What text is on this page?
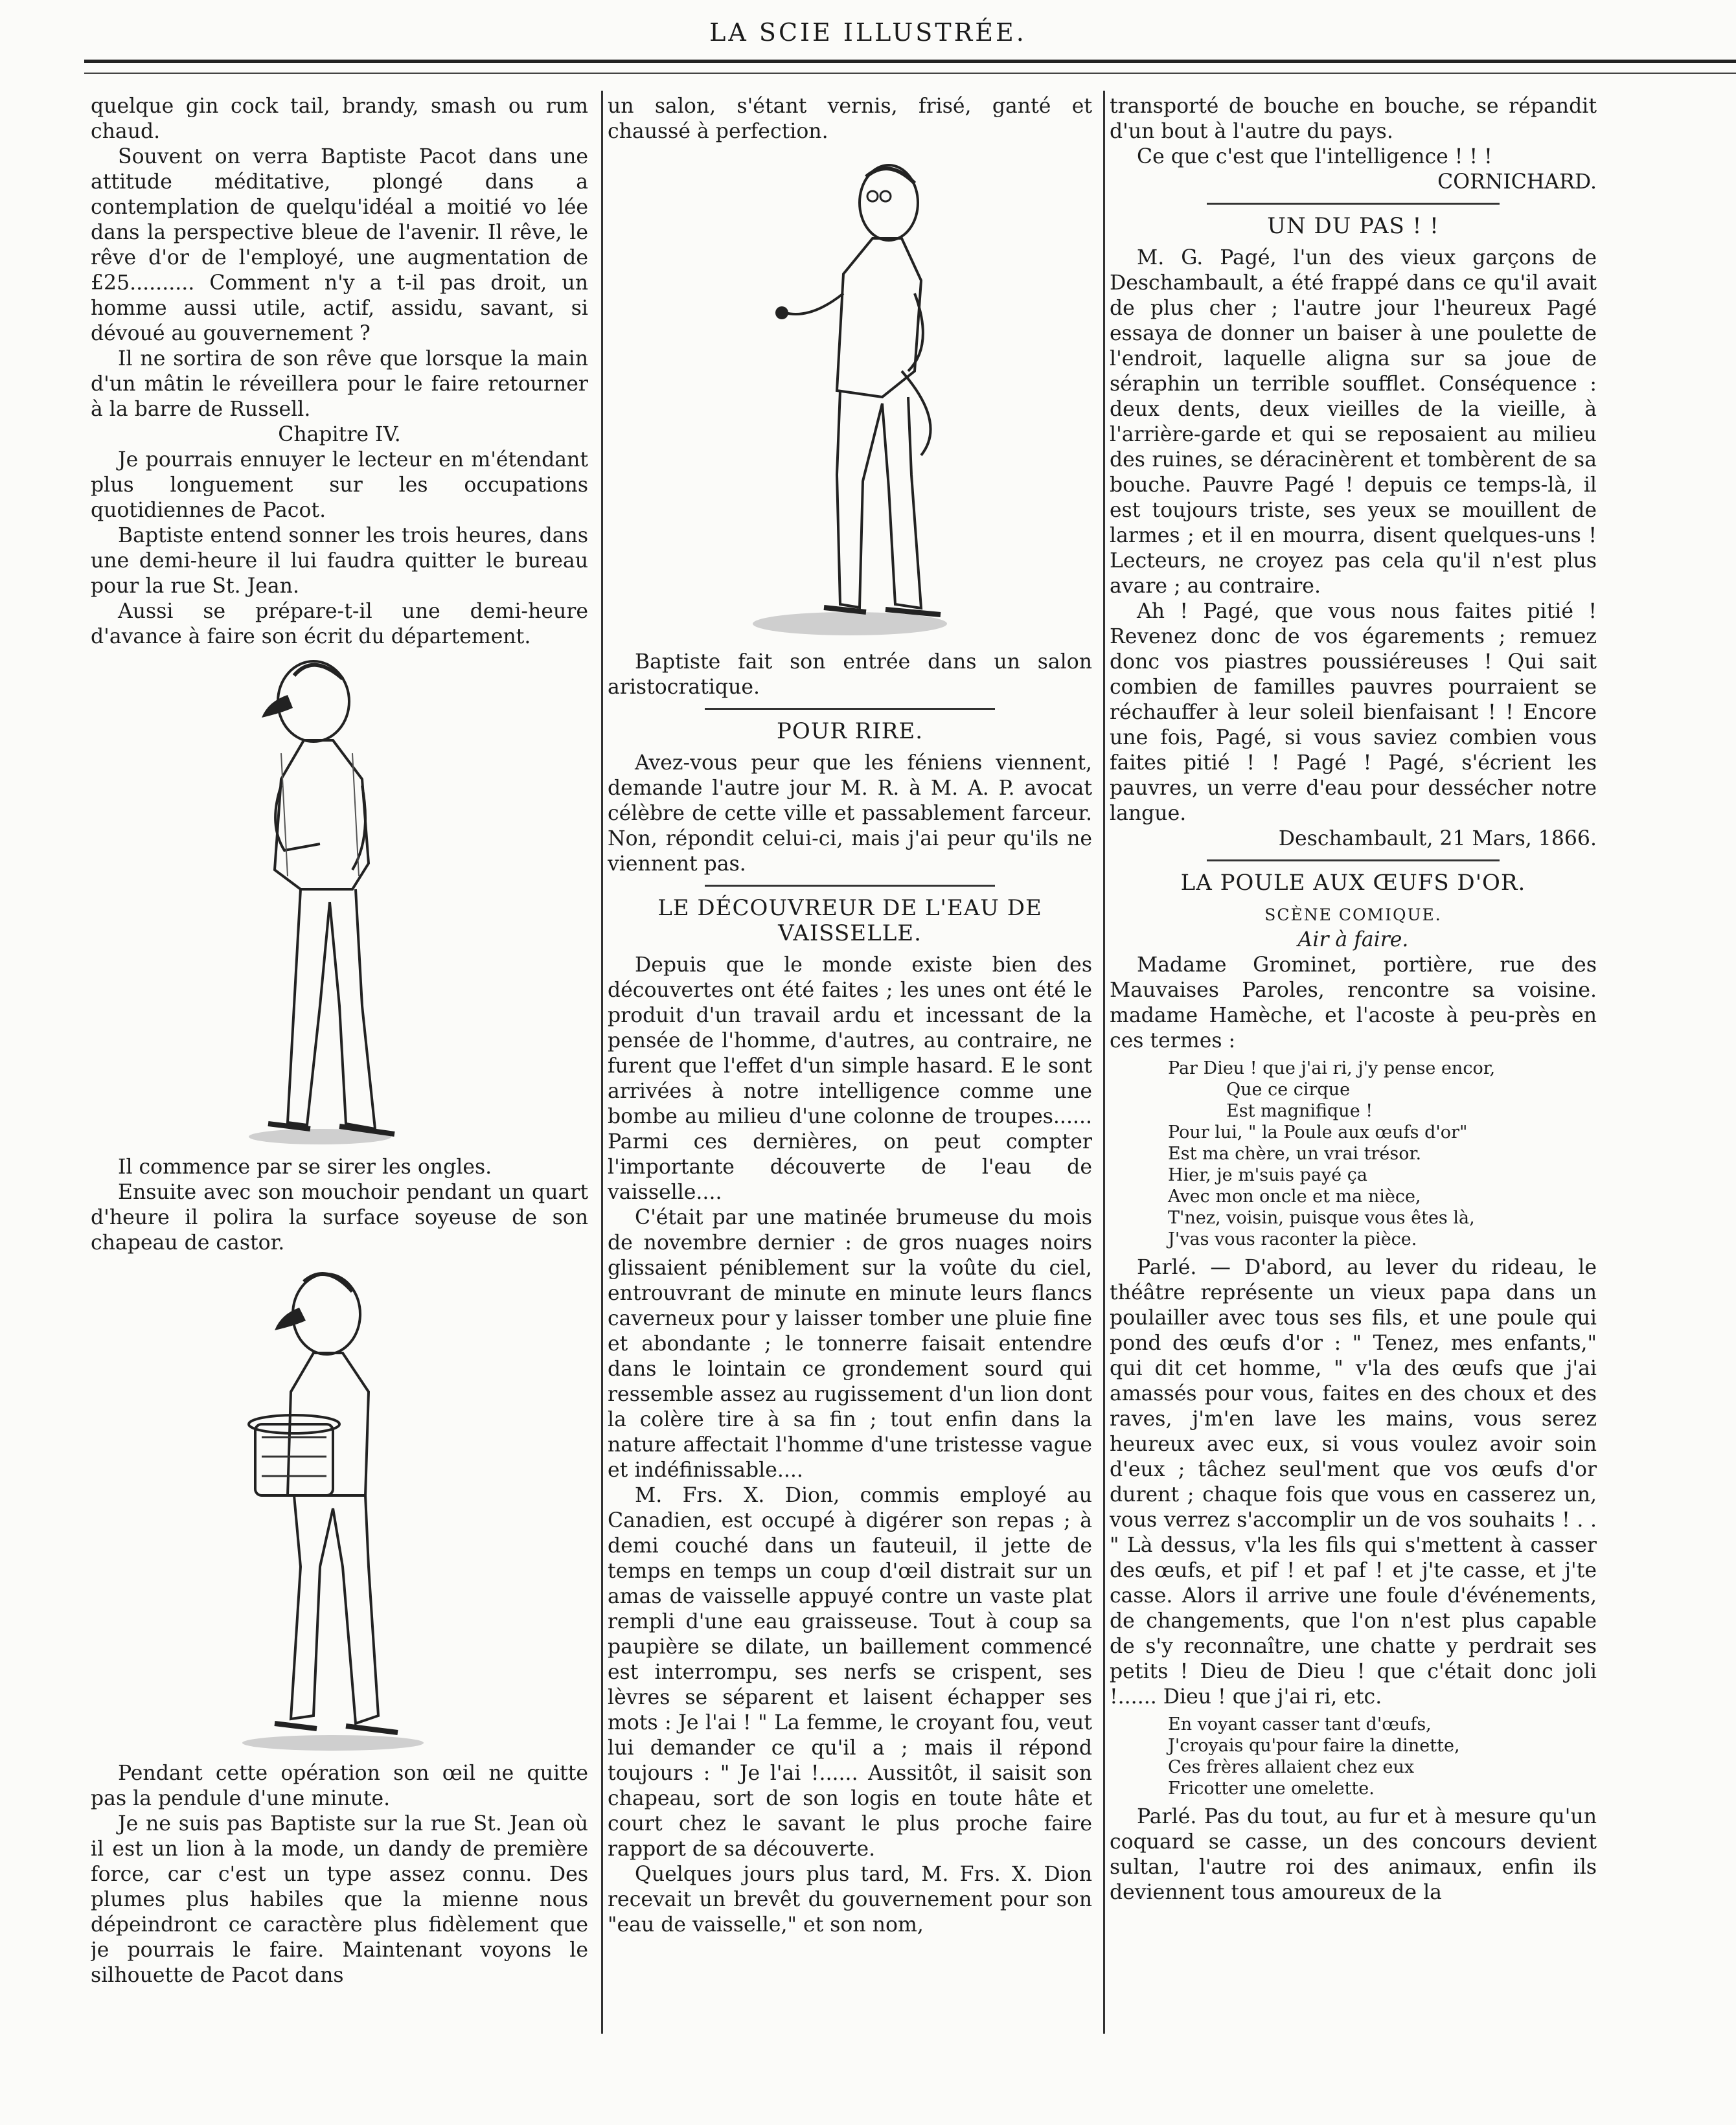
LA SCIE ILLUSTRÉE.

quelque gin cock tail, brandy, smash ou rum chaud.

Souvent on verra Baptiste Pacot dans une attitude méditative, plongé dans a contemplation de quelqu'idéal a moitié vo lée dans la perspective bleue de l'avenir. Il rêve, le rêve d'or de l'employé, une augmentation de £25.......... Comment n'y a t-il pas droit, un homme aussi utile, actif, assidu, savant, si dévoué au gouvernement ?

Il ne sortira de son rêve que lorsque la main d'un mâtin le réveillera pour le faire retourner à la barre de Russell.

Chapitre IV.

Je pourrais ennuyer le lecteur en m'étendant plus longuement sur les occupations quotidiennes de Pacot.

Baptiste entend sonner les trois heures, dans une demi-heure il lui faudra quitter le bureau pour la rue St. Jean.

Aussi se prépare-t-il une demi-heure d'avance à faire son écrit du département.

Il commence par se sirer les ongles.

Ensuite avec son mouchoir pendant un quart d'heure il polira la surface soyeuse de son chapeau de castor.

Pendant cette opération son œil ne quitte pas la pendule d'une minute.

Je ne suis pas Baptiste sur la rue St. Jean où il est un lion à la mode, un dandy de première force, car c'est un type assez connu. Des plumes plus habiles que la mienne nous dépeindront ce caractère plus fidèlement que je pourrais le faire. Maintenant voyons le silhouette de Pacot dans

un salon, s'étant vernis, frisé, ganté et chaussé à perfection.

Baptiste fait son entrée dans un salon aristocratique.

POUR RIRE.

Avez-vous peur que les féniens viennent, demande l'autre jour M. R. à M. A. P. avocat célèbre de cette ville et passablement farceur. Non, répondit celui-ci, mais j'ai peur qu'ils ne viennent pas.

LE DÉCOUVREUR DE L'EAU DE VAISSELLE.

Depuis que le monde existe bien des découvertes ont été faites ; les unes ont été le produit d'un travail ardu et incessant de la pensée de l'homme, d'autres, au contraire, ne furent que l'effet d'un simple hasard. E le sont arrivées à notre intelligence comme une bombe au milieu d'une colonne de troupes...... Parmi ces dernières, on peut compter l'importante découverte de l'eau de vaisselle....

C'était par une matinée brumeuse du mois de novembre dernier : de gros nuages noirs glissaient péniblement sur la voûte du ciel, entrouvrant de minute en minute leurs flancs caverneux pour y laisser tomber une pluie fine et abondante ; le tonnerre faisait entendre dans le lointain ce grondement sourd qui ressemble assez au rugissement d'un lion dont la colère tire à sa fin ; tout enfin dans la nature affectait l'homme d'une tristesse vague et indéfinissable....

M. Frs. X. Dion, commis employé au Canadien, est occupé à digérer son repas ; à demi couché dans un fauteuil, il jette de temps en temps un coup d'œil distrait sur un amas de vaisselle appuyé contre un vaste plat rempli d'une eau graisseuse. Tout à coup sa paupière se dilate, un baillement commencé est interrompu, ses nerfs se crispent, ses lèvres se séparent et laisent échapper ses mots : Je l'ai ! " La femme, le croyant fou, veut lui demander ce qu'il a ; mais il répond toujours : " Je l'ai !...... Aussitôt, il saisit son chapeau, sort de son logis en toute hâte et court chez le savant le plus proche faire rapport de sa découverte.

Quelques jours plus tard, M. Frs. X. Dion recevait un brevêt du gouvernement pour son "eau de vaisselle," et son nom,

transporté de bouche en bouche, se répandit d'un bout à l'autre du pays.

Ce que c'est que l'intelligence ! ! !

CORNICHARD.

UN DU PAS ! !

M. G. Pagé, l'un des vieux garçons de Deschambault, a été frappé dans ce qu'il avait de plus cher ; l'autre jour l'heureux Pagé essaya de donner un baiser à une poulette de l'endroit, laquelle aligna sur sa joue de séraphin un terrible soufflet. Conséquence : deux dents, deux vieilles de la vieille, à l'arrière-garde et qui se reposaient au milieu des ruines, se déracinèrent et tombèrent de sa bouche. Pauvre Pagé ! depuis ce temps-là, il est toujours triste, ses yeux se mouillent de larmes ; et il en mourra, disent quelques-uns ! Lecteurs, ne croyez pas cela qu'il n'est plus avare ; au contraire.

Ah ! Pagé, que vous nous faites pitié ! Revenez donc de vos égarements ; remuez donc vos piastres poussiéreuses ! Qui sait combien de familles pauvres pourraient se réchauffer à leur soleil bienfaisant ! ! Encore une fois, Pagé, si vous saviez combien vous faites pitié ! ! Pagé ! Pagé, s'écrient les pauvres, un verre d'eau pour dessécher notre langue.

Deschambault, 21 Mars, 1866.

LA POULE AUX ŒUFS D'OR.

SCÈNE COMIQUE.

Air à faire.

Madame Grominet, portière, rue des Mauvaises Paroles, rencontre sa voisine. madame Hamèche, et l'acoste à peu-près en ces termes :

Par Dieu ! que j'ai ri, j'y pense encor,
Que ce cirque
Est magnifique !
Pour lui, " la Poule aux œufs d'or"
Est ma chère, un vrai trésor.
Hier, je m'suis payé ça
Avec mon oncle et ma nièce,
T'nez, voisin, puisque vous êtes là,
J'vas vous raconter la pièce.

Parlé. — D'abord, au lever du rideau, le théâtre représente un vieux papa dans un poulailler avec tous ses fils, et une poule qui pond des œufs d'or : " Tenez, mes enfants," qui dit cet homme, " v'la des œufs que j'ai amassés pour vous, faites en des choux et des raves, j'm'en lave les mains, vous serez heureux avec eux, si vous voulez avoir soin d'eux ; tâchez seul'ment que vos œufs d'or durent ; chaque fois que vous en casserez un, vous verrez s'accomplir un de vos souhaits ! . . " Là dessus, v'la les fils qui s'mettent à casser des œufs, et pif ! et paf ! et j'te casse, et j'te casse. Alors il arrive une foule d'événements, de changements, que l'on n'est plus capable de s'y reconnaître, une chatte y perdrait ses petits ! Dieu de Dieu ! que c'était donc joli !...... Dieu ! que j'ai ri, etc.

En voyant casser tant d'œufs,
J'croyais qu'pour faire la dinette,
Ces frères allaient chez eux
Fricotter une omelette.

Parlé. Pas du tout, au fur et à mesure qu'un coquard se casse, un des concours devient sultan, l'autre roi des animaux, enfin ils deviennent tous amoureux de la
